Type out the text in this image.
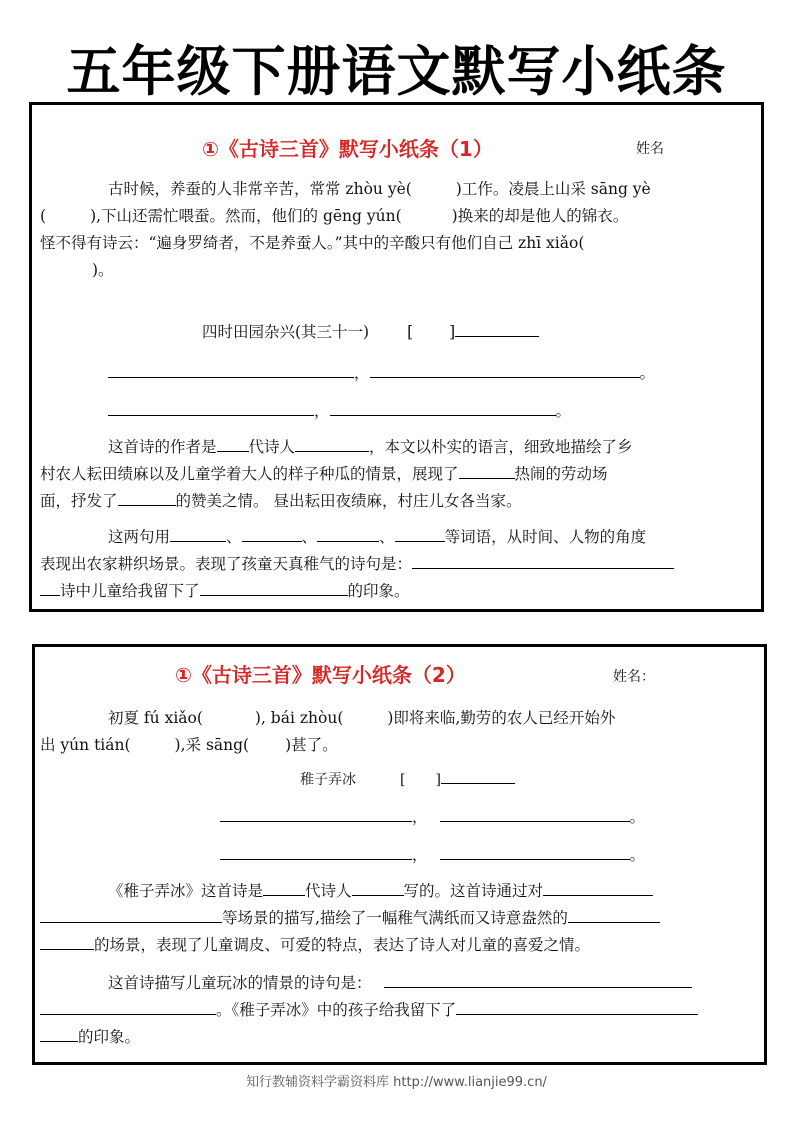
五年级下册语文默写小纸条
①《古诗三首》默写小纸条（1）	姓名
古时候，养蚕的人非常辛苦，常常 zhòu yè(	)工作。凌晨上山采 sāng yè
(	),下山还需忙喂蚕。然而，他们的 gēng yún(	)换来的却是他人的锦衣。
怪不得有诗云：“遍身罗绮者，不是养蚕人。”其中的辛酸只有他们自己 zhī xiǎo(
)。
四时田园杂兴(其三十一) [ ]
，	。
，	。
这首诗的作者是 代诗人	，本文以朴实的语言，细致地描绘了乡
村农人耘田绩麻以及儿童学着大人的样子种瓜的情景，展现了	热闹的劳动场
面，抒发了	的赞美之情。 昼出耘田夜绩麻，村庄儿女各当家。
这两句用	、	、	、	等词语，从时间、人物的角度
表现出农家耕织场景。表现了孩童天真稚气的诗句是：
诗中儿童给我留下了	的印象。
①《古诗三首》默写小纸条（2）	姓名：
初夏 fú xiǎo(	), bái zhòu(	)即将来临,勤劳的农人已经开始外
出 yún tián(	),采 sāng( )甚了。
稚子弄冰	[ ]
，	。
，	。
《稚子弄冰》这首诗是	代诗人	写的。这首诗通过对
等场景的描写,描绘了一幅稚气满纸而又诗意盎然的
的场景，表现了儿童调皮、可爱的特点，表达了诗人对儿童的喜爱之情。
这首诗描写儿童玩冰的情景的诗句是：
。《稚子弄冰》中的孩子给我留下了
的印象。
知行教辅资料学霸资料库 http://www.lianjie99.cn/
